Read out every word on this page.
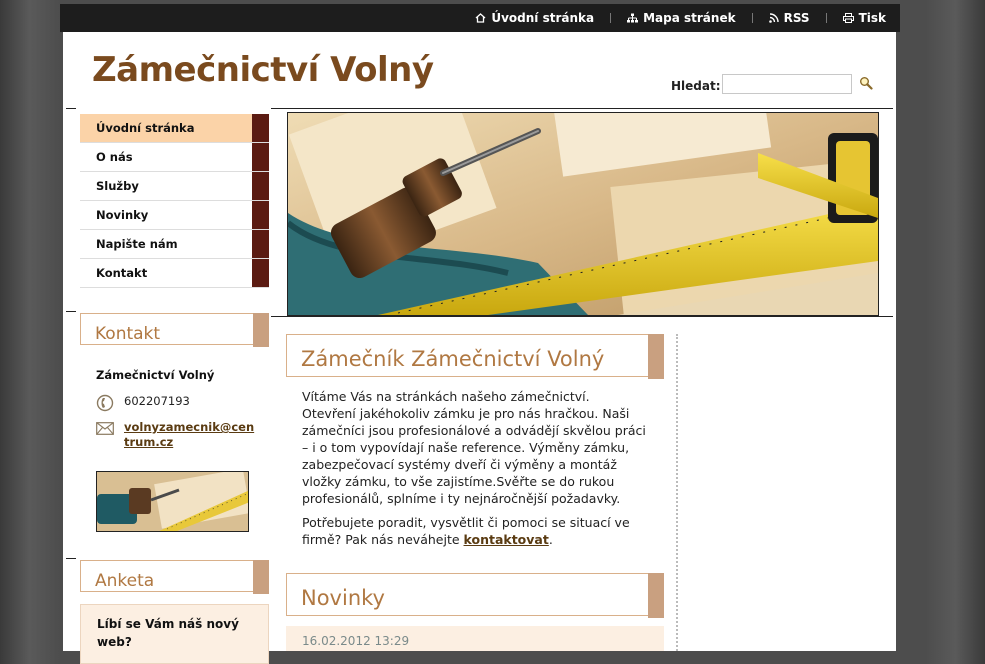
Úvodní stránka	Mapa stránek	RSS	Tisk
Zámečnictví Volný	Hledat:
Úvodní stránka
O nás
Služby
Novinky
Napište nám
Kontakt
Kontakt
Zámečnictví Volný
602207193
volnyzamecnik@centrum.cz
Anketa
Líbí se Vám náš nový web?
Zámečník Zámečnictví Volný

Vítáme Vás na stránkách našeho zámečnictví. Otevření jakéhokoliv zámku je pro nás hračkou. Naši zámečníci jsou profesionálové a odvádějí skvělou práci – i o tom vypovídají naše reference. Výměny zámku, zabezpečovací systémy dveří či výměny a montáž vložky zámku, to vše zajistíme.Svěřte se do rukou profesionálů, splníme i ty nejnáročnější požadavky.

Potřebujete poradit, vysvětlit či pomoci se situací ve firmě? Pak nás neváhejte kontaktovat.

Novinky
16.02.2012 13:29
